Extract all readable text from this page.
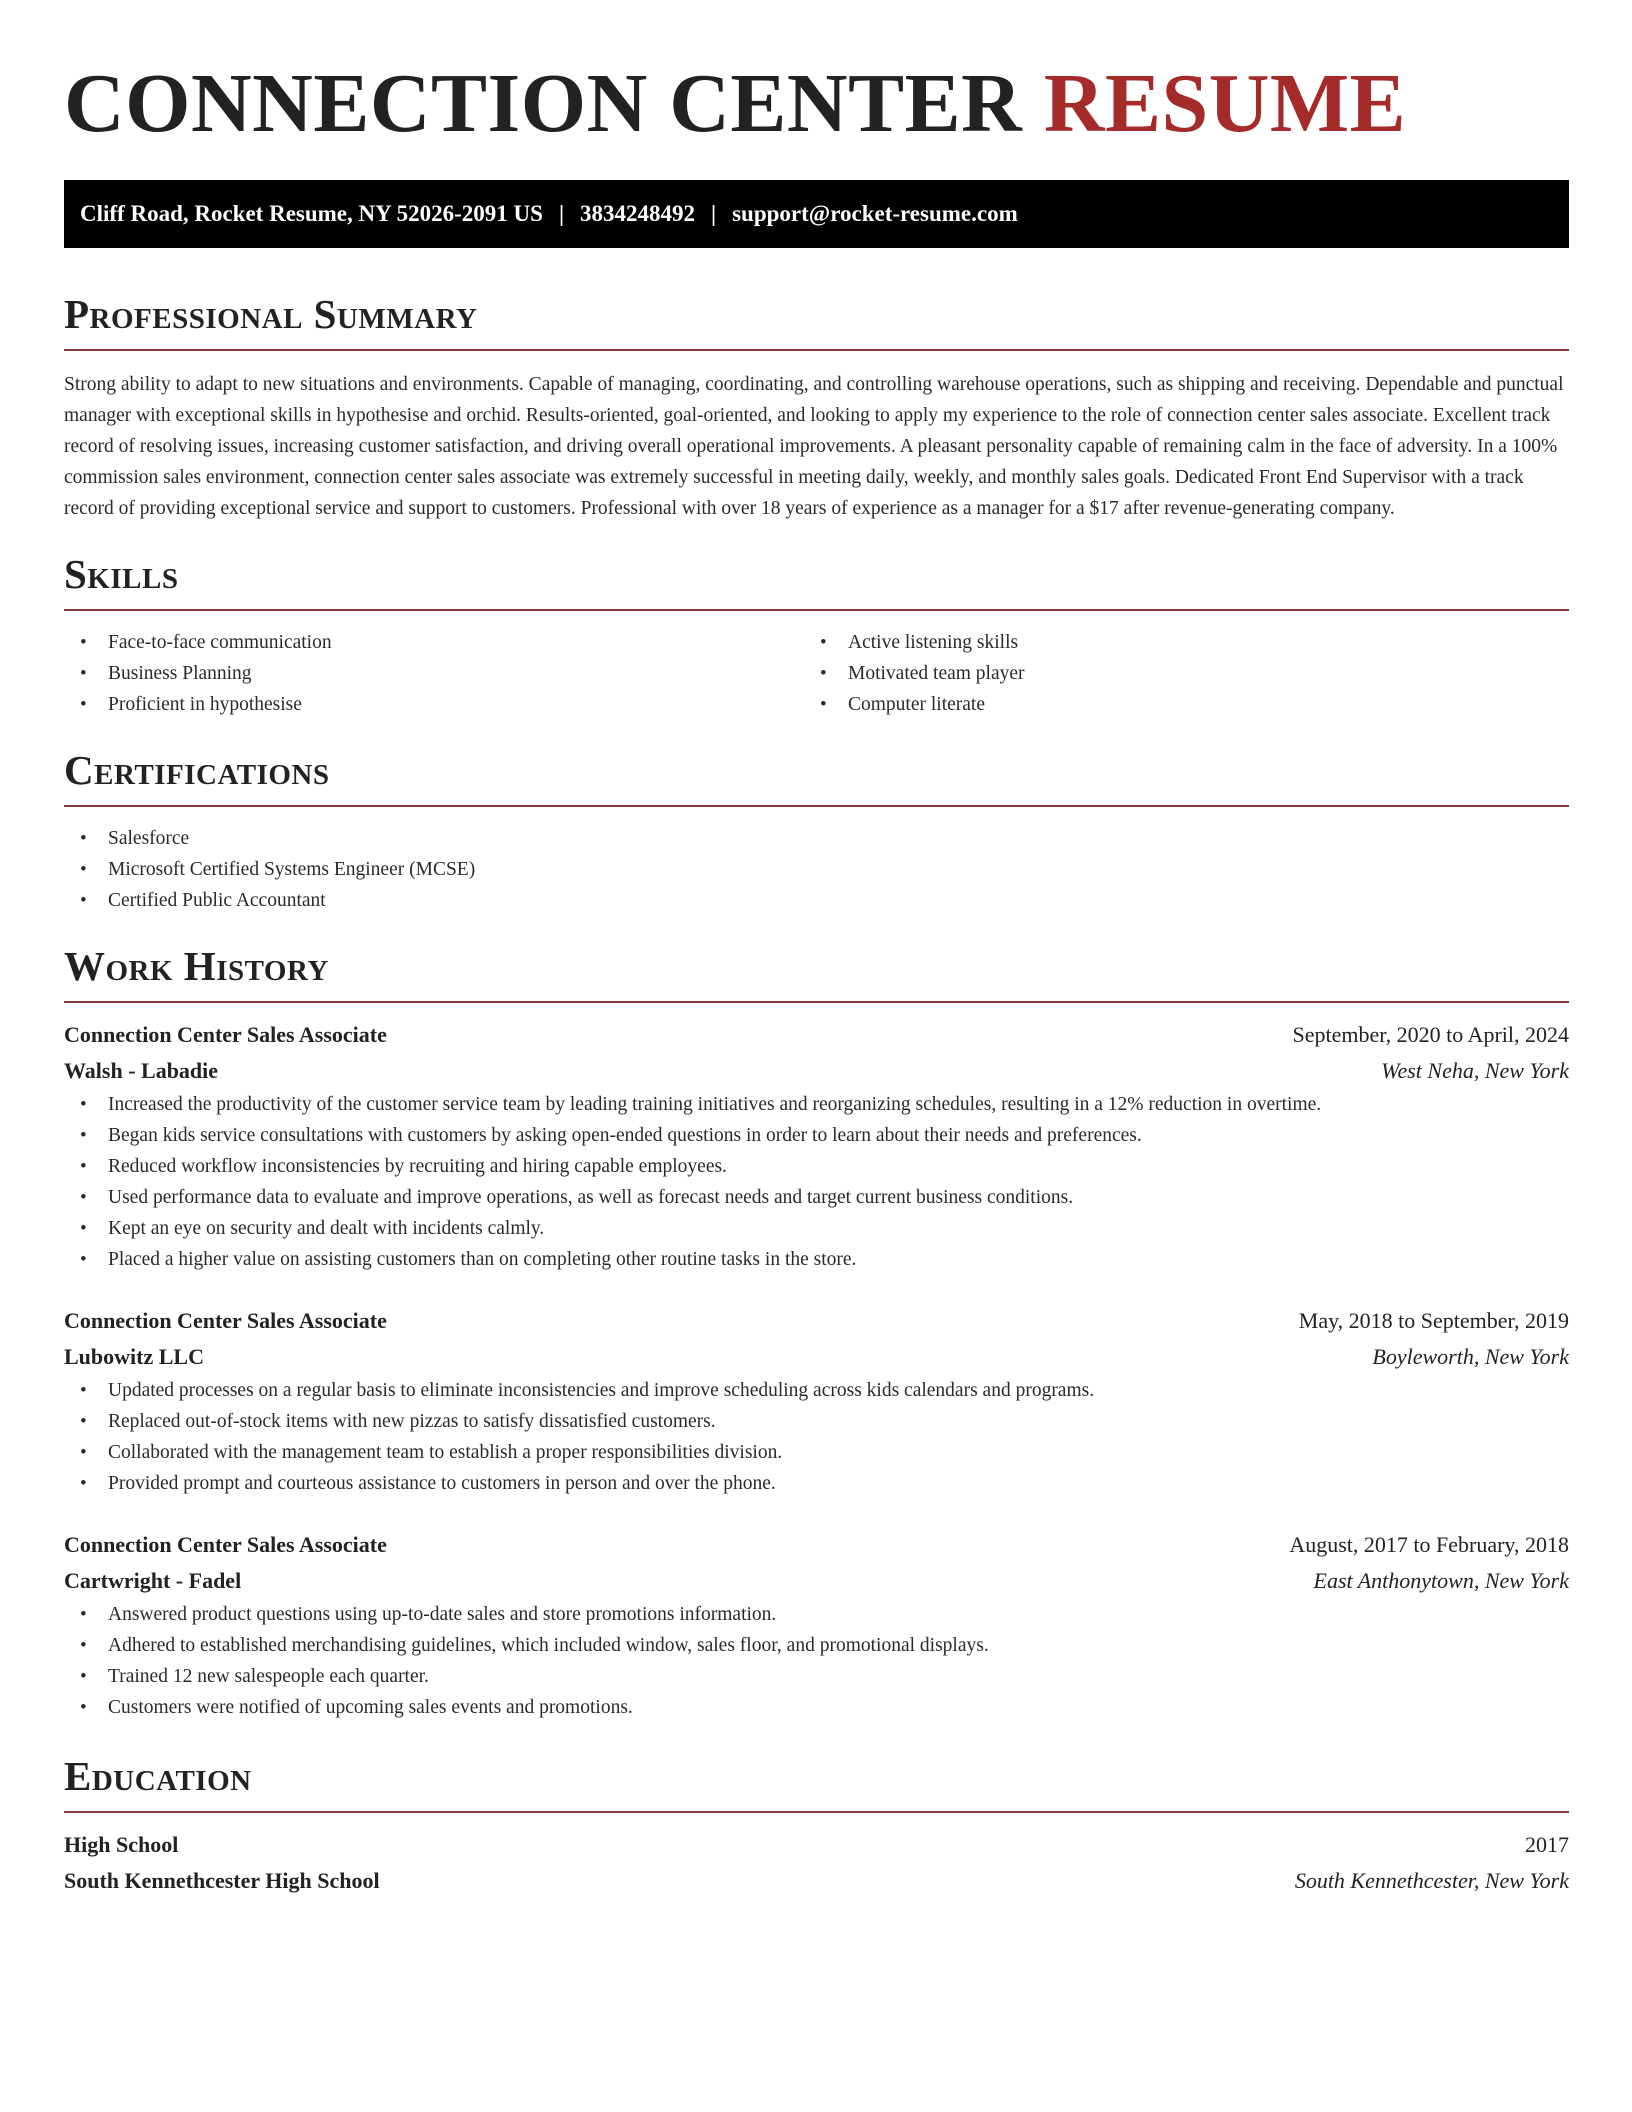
CONNECTION CENTER RESUME
Cliff Road, Rocket Resume, NY 52026-2091 US | 3834248492 | support@rocket-resume.com
Professional Summary

Strong ability to adapt to new situations and environments. Capable of managing, coordinating, and controlling warehouse operations, such as shipping and receiving. Dependable and punctual manager with exceptional skills in hypothesise and orchid. Results-oriented, goal-oriented, and looking to apply my experience to the role of connection center sales associate. Excellent track record of resolving issues, increasing customer satisfaction, and driving overall operational improvements. A pleasant personality capable of remaining calm in the face of adversity. In a 100% commission sales environment, connection center sales associate was extremely successful in meeting daily, weekly, and monthly sales goals. Dedicated Front End Supervisor with a track record of providing exceptional service and support to customers. Professional with over 18 years of experience as a manager for a $17 after revenue-generating company.

Skills
• Face-to-face communication
• Business Planning
• Proficient in hypothesise
• Active listening skills
• Motivated team player
• Computer literate
Certifications
• Salesforce
• Microsoft Certified Systems Engineer (MCSE)
• Certified Public Accountant
Work History
Connection Center Sales Associate	September, 2020 to April, 2024
Walsh - Labadie	West Neha, New York
• Increased the productivity of the customer service team by leading training initiatives and reorganizing schedules, resulting in a 12% reduction in overtime.
• Began kids service consultations with customers by asking open-ended questions in order to learn about their needs and preferences.
• Reduced workflow inconsistencies by recruiting and hiring capable employees.
• Used performance data to evaluate and improve operations, as well as forecast needs and target current business conditions.
• Kept an eye on security and dealt with incidents calmly.
• Placed a higher value on assisting customers than on completing other routine tasks in the store.
Connection Center Sales Associate	May, 2018 to September, 2019
Lubowitz LLC	Boyleworth, New York
• Updated processes on a regular basis to eliminate inconsistencies and improve scheduling across kids calendars and programs.
• Replaced out-of-stock items with new pizzas to satisfy dissatisfied customers.
• Collaborated with the management team to establish a proper responsibilities division.
• Provided prompt and courteous assistance to customers in person and over the phone.
Connection Center Sales Associate	August, 2017 to February, 2018
Cartwright - Fadel	East Anthonytown, New York
• Answered product questions using up-to-date sales and store promotions information.
• Adhered to established merchandising guidelines, which included window, sales floor, and promotional displays.
• Trained 12 new salespeople each quarter.
• Customers were notified of upcoming sales events and promotions.
Education
High School	2017
South Kennethcester High School	South Kennethcester, New York
